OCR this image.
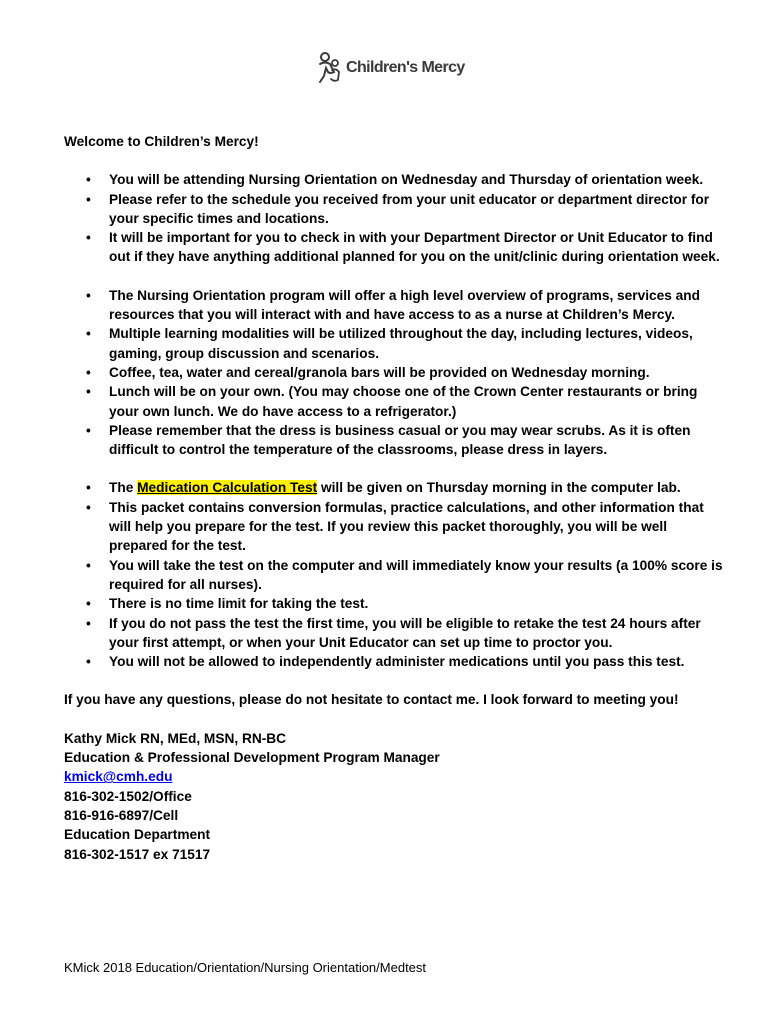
Children's Mercy
Welcome to Children’s Mercy!
• You will be attending Nursing Orientation on Wednesday and Thursday of orientation week.
• Please refer to the schedule you received from your unit educator or department director for your specific times and locations.
• It will be important for you to check in with your Department Director or Unit Educator to find out if they have anything additional planned for you on the unit/clinic during orientation week.
• The Nursing Orientation program will offer a high level overview of programs, services and resources that you will interact with and have access to as a nurse at Children’s Mercy.
• Multiple learning modalities will be utilized throughout the day, including lectures, videos, gaming, group discussion and scenarios.
• Coffee, tea, water and cereal/granola bars will be provided on Wednesday morning.
• Lunch will be on your own. (You may choose one of the Crown Center restaurants or bring your own lunch. We do have access to a refrigerator.)
• Please remember that the dress is business casual or you may wear scrubs. As it is often difficult to control the temperature of the classrooms, please dress in layers.
• The Medication Calculation Test will be given on Thursday morning in the computer lab.
• This packet contains conversion formulas, practice calculations, and other information that will help you prepare for the test. If you review this packet thoroughly, you will be well prepared for the test.
• You will take the test on the computer and will immediately know your results (a 100% score is required for all nurses).
• There is no time limit for taking the test.
• If you do not pass the test the first time, you will be eligible to retake the test 24 hours after your first attempt, or when your Unit Educator can set up time to proctor you.
• You will not be allowed to independently administer medications until you pass this test.
If you have any questions, please do not hesitate to contact me. I look forward to meeting you!
Kathy Mick RN, MEd, MSN, RN-BC
Education & Professional Development Program Manager
kmick@cmh.edu
816-302-1502/Office
816-916-6897/Cell
Education Department
816-302-1517 ex 71517
KMick 2018 Education/Orientation/Nursing Orientation/Medtest
